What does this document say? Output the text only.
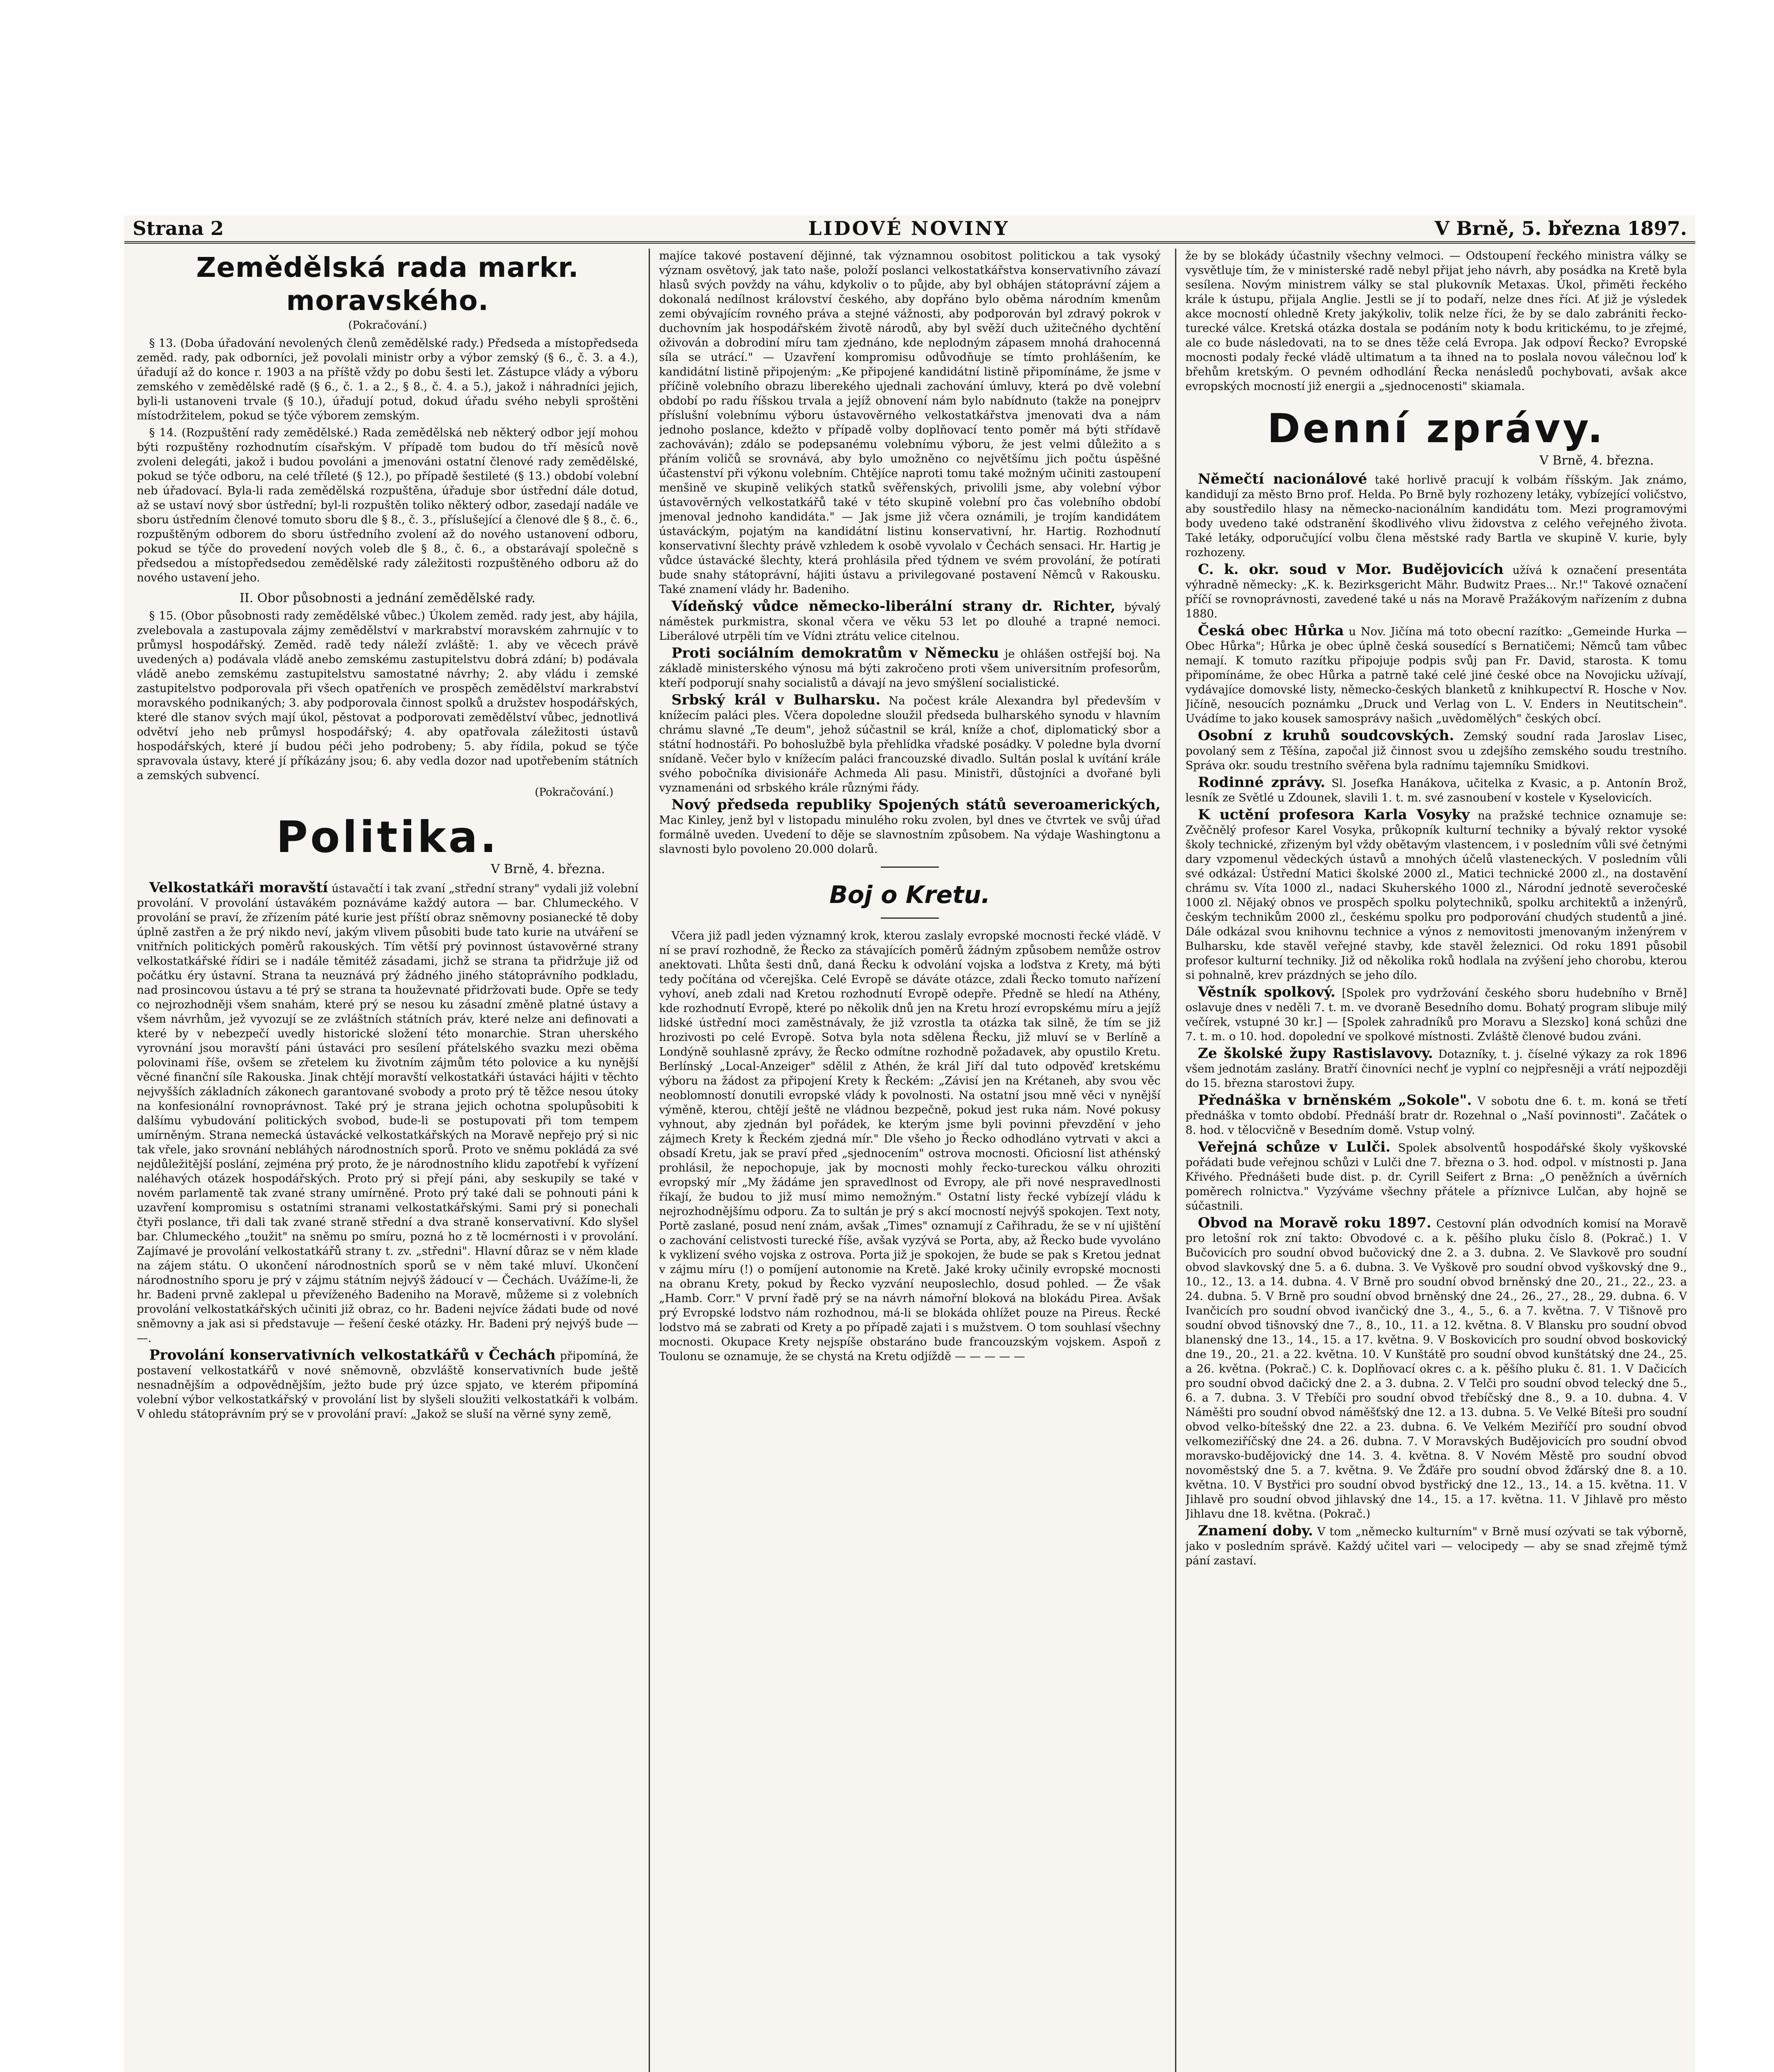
Strana 2	LIDOVÉ NOVINY	V Brně, 5. března 1897.
Zemědělská rada markr. moravského.
(Pokračování.)

§ 13. (Doba úřadování nevolených členů zemědělské rady.) Předseda a místopředseda zeměd. rady, pak odborníci, jež povolali ministr orby a výbor zemský (§ 6., č. 3. a 4.), úřadují až do konce r. 1903 a na příště vždy po dobu šesti let. Zástupce vlády a výboru zemského v zemědělské radě (§ 6., č. 1. a 2., § 8., č. 4. a 5.), jakož i náhradníci jejich, byli-li ustanoveni trvale (§ 10.), úřadují potud, dokud úřadu svého nebyli sproštěni místodržitelem, pokud se týče výborem zemským.

§ 14. (Rozpuštění rady zemědělské.) Rada zemědělská neb některý odbor její mohou býti rozpuštěny rozhodnutím císařským. V případě tom budou do tří měsíců nově zvoleni delegáti, jakož i budou povoláni a jmenováni ostatní členové rady zemědělské, pokud se týče odboru, na celé tříleté (§ 12.), po případě šestileté (§ 13.) období volební neb úřadovací. Byla-li rada zemědělská rozpuštěna, úřaduje sbor ústřední dále dotud, až se ustaví nový sbor ústřední; byl-li rozpuštěn toliko některý odbor, zasedají nadále ve sboru ústředním členové tomuto sboru dle § 8., č. 3., příslušející a členové dle § 8., č. 6., rozpuštěným odborem do sboru ústředního zvolení až do nového ustanovení odboru, pokud se týče do provedení nových voleb dle § 8., č. 6., a obstarávají společně s předsedou a místopředsedou zemědělské rady záležitosti rozpuštěného odboru až do nového ustavení jeho.

II. Obor působnosti a jednání zemědělské rady.

§ 15. (Obor působnosti rady zemědělské vůbec.) Úkolem zeměd. rady jest, aby hájila, zvelebovala a zastupovala zájmy zemědělství v markrabství moravském zahrnujíc v to průmysl hospodářský. Zeměd. radě tedy náleží zvláště: 1. aby ve věcech právě uvedených a) podávala vládě anebo zemskému zastupitelstvu dobrá zdání; b) podávala vládě anebo zemskému zastupitelstvu samostatné návrhy; 2. aby vládu i zemské zastupitelstvo podporovala při všech opatřeních ve prospěch zemědělství markrabství moravského podnikaných; 3. aby podporovala činnost spolků a družstev hospodářských, které dle stanov svých mají úkol, pěstovat a podporovati zemědělství vůbec, jednotlivá odvětví jeho neb průmysl hospodářský; 4. aby opatřovala záležitosti ústavů hospodářských, které jí budou péči jeho podrobeny; 5. aby řídila, pokud se týče spravovala ústavy, které jí příkázány jsou; 6. aby vedla dozor nad upotřebením státních a zemských subvencí.

(Pokračování.)
Politika.
V Brně, 4. března.

Velkostatkáři moravští ústavačtí i tak zvaní „střední strany" vydali již volební provolání. V provolání ústavákém poznáváme každý autora — bar. Chlumeckého. V provolání se praví, že zřízením páté kurie jest příští obraz sněmovny posianecké tě doby úplně zastřen a že prý nikdo neví, jakým vlivem působiti bude tato kurie na utváření se vnitřních politických poměrů rakouských. Tím větší prý povinnost ústavověrné strany velkostatkářské řídiri se i nadále těmitéž zásadami, jichž se strana ta přidržuje již od počátku éry ústavní. Strana ta neuznává prý žádného jiného státoprávního podkladu, nad prosincovou ústavu a té prý se strana ta houževnaté přidržovati bude. Opře se tedy co nejrozhodněji všem snahám, které prý se nesou ku zásadní změně platné ústavy a všem návrhům, jež vyvozují se ze zvláštních státních práv, které nelze ani definovati a které by v nebezpečí uvedly historické složení této monarchie. Stran uherského vyrovnání jsou moravští páni ústaváci pro sesílení přátelského svazku mezi oběma polovinami říše, ovšem se zřetelem ku životním zájmům této polovice a ku nynější věcné finanční síle Rakouska. Jinak chtějí moravští velkostatkáři ústaváci hájiti v těchto nejvyšších základních zákonech garantované svobody a proto prý tě těžce nesou útoky na konfesionální rovnoprávnost. Také prý je strana jejich ochotna spolupůsobiti k dalšímu vybudování politických svobod, bude-li se postupovati při tom tempem umírněným. Strana nemecká ústavácké velkostatkářských na Moravě nepřejo prý si nic tak vřele, jako srovnání nebláhých národnostních sporů. Proto ve sněmu pokládá za své nejdůležitější poslání, zejména prý proto, že je národnostního klidu zapotřebí k vyřízení naléhavých otázek hospodářských. Proto prý si přejí páni, aby seskupily se také v novém parlamentě tak zvané strany umírněné. Proto prý také dali se pohnouti páni k uzavření kompromisu s ostatními stranami velkostatkářskými. Sami prý si ponechali čtyři poslance, tři dali tak zvané straně střední a dva straně konservativní. Kdo slyšel bar. Chlumeckého „toužit" na sněmu po smíru, pozná ho z tě locmérnosti i v provolání. Zajímavé je provolání velkostatkářů strany t. zv. „středni". Hlavní důraz se v něm klade na zájem státu. O ukončení národnostních sporů se v něm také mluví. Ukončení národnostního sporu je prý v zájmu státním nejvýš žádoucí v — Čechách. Uvážíme-li, že hr. Badeni prvně zaklepal u převíženého Badeniho na Moravě, můžeme si z volebních provolání velkostatkářských učiniti již obraz, co hr. Badeni nejvíce žádati bude od nové sněmovny a jak asi si představuje — řešení české otázky. Hr. Badeni prý nejvýš bude — —.

Provolání konservativních velkostatkářů v Čechách připomíná, že postavení velkostatkářů v nové sněmovně, obzvláště konservativních bude ještě nesnadnějším a odpovědnějším, ježto bude prý úzce spjato, ve kterém připomíná volební výbor velkostatkářský v provolání list by slyšeli sloužiti velkostatkáři k volbám. V ohledu státoprávním prý se v provolání praví: „Jakož se sluší na věrné syny země,

majíce takové postavení dějinné, tak významnou osobitost politickou a tak vysoký význam osvětový, jak tato naše, položí poslanci velkostatkářstva konservativního závazí hlasů svých povždy na váhu, kdykoliv o to půjde, aby byl obhájen státoprávní zájem a dokonalá nedílnost království českého, aby dopřáno bylo oběma národním kmenům zemi obývajícím rovného práva a stejné vážnosti, aby podporován byl zdravý pokrok v duchovním jak hospodářském životě národů, aby byl svěží duch užitečného dychtění oživován a dobrodiní míru tam zjednáno, kde neplodným zápasem mnohá drahocenná síla se utrácí." — Uzavření kompromisu odůvodňuje se tímto prohlášením, ke kandidátní listině připojeným: „Ke připojené kandidátní listině připomínáme, že jsme v příčině volebního obrazu liberekého ujednali zachování úmluvy, která po dvě volební období po radu říšskou trvala a jejíž obnovení nám bylo nabídnuto (takže na ponejprv příslušní volebnímu výboru ústavověrného velkostatkářstva jmenovati dva a nám jednoho poslance, kdežto v případě volby doplňovací tento poměr má býti střídavě zachováván); zdálo se podepsanému volebnímu výboru, že jest velmi důležito a s přáním voličů se srovnává, aby bylo umožněno co největšímu jich počtu úspěšné účastenství při výkonu volebním. Chtějíce naproti tomu také možným učiniti zastoupení menšině ve skupině velikých statků svěřenských, privolili jsme, aby volební výbor ústavověrných velkostatkářů také v této skupině volební pro čas volebního období jmenoval jednoho kandidáta." — Jak jsme již včera oznámili, je trojím kandidátem ústaváckým, pojatým na kandidátní listinu konservativní, hr. Hartig. Rozhodnutí konservativní šlechty právě vzhledem k osobě vyvolalo v Čechách sensaci. Hr. Hartig je vůdce ústavácké šlechty, která prohlásila před týdnem ve svém provolání, že potírati bude snahy státoprávní, hájiti ústavu a privilegované postavení Němců v Rakousku. Také znamení vlády hr. Badeniho.

Vídeňský vůdce německo-liberální strany dr. Richter, bývalý náměstek purkmistra, skonal včera ve věku 53 let po dlouhé a trapné nemoci. Liberálové utrpěli tím ve Vídni ztrátu velice citelnou.

Proti sociálním demokratům v Německu je ohlášen ostřejší boj. Na základě ministerského výnosu má býti zakročeno proti všem universitním profesorům, kteří podporují snahy socialistů a dávají na jevo smýšlení socialistické.

Srbský král v Bulharsku. Na počest krále Alexandra byl především v knížecím paláci ples. Včera dopoledne sloužil předseda bulharského synodu v hlavním chrámu slavné „Te deum", jehož súčastnil se král, kníže a choť, diplomatický sbor a státní hodnostáři. Po bohoslužbě byla přehlídka vřadské posádky. V poledne byla dvorní snídaně. Večer bylo v knížecím paláci francouzské divadlo. Sultán poslal k uvítání krále svého pobočníka divisionáře Achmeda Ali pasu. Ministři, důstojníci a dvořané byli vyznamenáni od srbského krále různými řády.

Nový předseda republiky Spojených států severoamerických, Mac Kinley, jenž byl v listopadu minulého roku zvolen, byl dnes ve čtvrtek ve svůj úřad formálně uveden. Uvedení to děje se slavnostním způsobem. Na výdaje Washingtonu a slavnosti bylo povoleno 20.000 dolarů.

Boj o Kretu.

Včera již padl jeden významný krok, kterou zaslaly evropské mocnosti řecké vládě. V ní se praví rozhodně, že Řecko za stávajících poměrů žádným způsobem nemůže ostrov anektovati. Lhůta šesti dnů, daná Řecku k odvolání vojska a loďstva z Krety, má býti tedy počítána od včerejška. Celé Evropě se dáváte otázce, zdali Řecko tomuto nařízení vyhoví, aneb zdali nad Kretou rozhodnutí Evropě odepře. Předně se hledí na Athény, kde rozhodnutí Evropě, které po několik dnů jen na Kretu hrozí evropskému míru a jejíž lidské ústřední moci zaměstnávaly, že již vzrostla ta otázka tak silně, že tím se již hrozivosti po celé Evropě. Sotva byla nota sdělena Řecku, již mluví se v Berlíně a Londýně souhlasně zprávy, že Řecko odmítne rozhodně požadavek, aby opustilo Kretu. Berlínský „Local-Anzeiger" sdělil z Athén, že král Jiří dal tuto odpověď kretskému výboru na žádost za připojení Krety k Řeckém: „Závisí jen na Krétaneh, aby svou věc neoblomností donutili evropské vlády k povolnosti. Na ostatní jsou mně věci v nynější výměně, kterou, chtějí ještě ne vládnou bezpečně, pokud jest ruka nám. Nové pokusy vyhnout, aby zjednán byl pořádek, ke kterým jsme byli povinni převzdění v jeho zájmech Krety k Řeckém zjedná mír." Dle všeho jo Řecko odhodláno vytrvati v akci a obsadí Kretu, jak se praví před „sjednocením" ostrova mocnosti. Oficiosní list athénský prohlásil, že nepochopuje, jak by mocnosti mohly řecko-tureckou válku ohroziti evropský mír „My žádáme jen spravedlnost od Evropy, ale při nové nespravedlnosti říkají, že budou to již musí mimo nemožným." Ostatní listy řecké vybízejí vládu k nejrozhodnějšímu odporu. Za to sultán je prý s akcí mocností nejvýš spokojen. Text noty, Portě zaslané, posud není znám, avšak „Times" oznamují z Cařihradu, že se v ní ujištění o zachování celistvosti turecké říše, avšak vyzývá se Porta, aby, až Řecko bude vyvoláno k vyklizení svého vojska z ostrova. Porta již je spokojen, že bude se pak s Kretou jednat v zájmu míru (!) o pomíjení autonomie na Kretě. Jaké kroky učinily evropské mocnosti na obranu Krety, pokud by Řecko vyzvání neuposlechlo, dosud pohled. — Že však „Hamb. Corr." V první řadě prý se na návrh námořní bloková na blokádu Pirea. Avšak prý Evropské lodstvo nám rozhodnou, má-li se blokáda ohlížet pouze na Pireus. Řecké lodstvo má se zabrati od Krety a po případě zajati i s mužstvem. O tom souhlasí všechny mocnosti. Okupace Krety nejspíše obstaráno bude francouzským vojskem. Aspoň z Toulonu se oznamuje, že se chystá na Kretu odjíždě — — — — —

že by se blokády účastnily všechny velmoci. — Odstoupení řeckého ministra války se vysvětluje tím, že v ministerské radě nebyl přijat jeho návrh, aby posádka na Kretě byla sesílena. Novým ministrem války se stal plukovník Metaxas. Úkol, přiměti řeckého krále k ústupu, přijala Anglie. Jestli se jí to podaří, nelze dnes říci. Ať již je výsledek akce mocností ohledně Krety jakýkoliv, tolik nelze říci, že by se dalo zabrániti řecko-turecké válce. Kretská otázka dostala se podáním noty k bodu kritickému, to je zřejmé, ale co bude následovati, na to se dnes těže celá Evropa. Jak odpoví Řecko? Evropské mocnosti podaly řecké vládě ultimatum a ta ihned na to poslala novou válečnou loď k břehům kretským. O pevném odhodlání Řecka nenásledů pochybovati, avšak akce evropských mocností již energii a „sjednocenosti" skiamala.

Denní zprávy.
V Brně, 4. března.

Němečtí nacionálové také horlivě pracují k volbám říšským. Jak známo, kandidují za město Brno prof. Helda. Po Brně byly rozhozeny letáky, vybízející voličstvo, aby soustředilo hlasy na německo-nacionálním kandidátu tom. Mezi programovými body uvedeno také odstranění škodlivého vlivu židovstva z celého veřejného života. Také letáky, odporučující volbu člena městské rady Bartla ve skupině V. kurie, byly rozhozeny.

C. k. okr. soud v Mor. Budějovicích užívá k označení presentáta výhradně německy: „K. k. Bezirksgericht Mähr. Budwitz Praes... Nr.!" Takové označení příčí se rovnoprávnosti, zavedené také u nás na Moravě Pražákovým nařízením z dubna 1880.

Česká obec Hůrka u Nov. Jičína má toto obecní razítko: „Gemeinde Hurka — Obec Hůrka"; Hůrka je obec úplně česká sousedící s Bernatičemi; Němců tam vůbec nemají. K tomuto razítku připojuje podpis svůj pan Fr. David, starosta. K tomu připomínáme, že obec Hůrka a patrně také celé jiné české obce na Novojicku užívají, vydávajíce domovské listy, německo-českých blanketů z knihkupectví R. Hosche v Nov. Jičíně, nesoucích poznámku „Druck und Verlag von L. V. Enders in Neutitschein". Uvádíme to jako kousek samosprávy našich „uvědomělých" českých obcí.

Osobní z kruhů soudcovských. Zemský soudní rada Jaroslav Lisec, povolaný sem z Těšína, započal již činnost svou u zdejšího zemského soudu trestního. Správa okr. soudu trestního svěřena byla radnímu tajemníku Smidkovi.

Rodinné zprávy. Sl. Josefka Hanákova, učitelka z Kvasic, a p. Antonín Brož, lesník ze Světlé u Zdounek, slavili 1. t. m. své zasnoubení v kostele v Kyselovicích.

K uctění profesora Karla Vosyky na pražské technice oznamuje se: Zvěčnělý profesor Karel Vosyka, průkopník kulturní techniky a bývalý rektor vysoké školy technické, zřizeným byl vždy obětavým vlastencem, i v posledním vůli své četnými dary vzpomenul vědeckých ústavů a mnohých účelů vlasteneckých. V posledním vůli své odkázal: Ústřední Matici školské 2000 zl., Matici technické 2000 zl., na dostavění chrámu sv. Víta 1000 zl., nadaci Skuherského 1000 zl., Národní jednotě severočeské 1000 zl. Nějaký obnos ve prospěch spolku polytechniků, spolku architektů a inženýrů, českým technikům 2000 zl., českému spolku pro podporování chudých studentů a jiné. Dále odkázal svou knihovnu technice a výnos z nemovitosti jmenovaným inženýrem v Bulharsku, kde stavěl veřejné stavby, kde stavěl železnici. Od roku 1891 působil profesor kulturní techniky. Již od několika roků hodlala na zvýšení jeho chorobu, kterou si pohnalně, krev prázdných se jeho dílo.

Věstník spolkový. [Spolek pro vydržování českého sboru hudebního v Brně] oslavuje dnes v neděli 7. t. m. ve dvoraně Besedního domu. Bohatý program slibuje milý večírek, vstupné 30 kr.] — [Spolek zahradníků pro Moravu a Slezsko] koná schůzi dne 7. t. m. o 10. hod. dopolední ve spolkové místnosti. Zvláště členové budou zváni.

Ze školské župy Rastislavovy. Dotazníky, t. j. číselné výkazy za rok 1896 všem jednotám zaslány. Bratří činovníci nechť je vyplní co nejpřesněji a vrátí nejpozději do 15. března starostovi župy.

Přednáška v brněnském „Sokole". V sobotu dne 6. t. m. koná se třetí přednáška v tomto období. Přednáší bratr dr. Rozehnal o „Naší povinnosti". Začátek o 8. hod. v tělocvičně v Besedním domě. Vstup volný.

Veřejná schůze v Lulči. Spolek absolventů hospodářské školy vyškovské pořádati bude veřejnou schůzi v Lulči dne 7. března o 3. hod. odpol. v místnosti p. Jana Křivého. Přednášeti bude dist. p. dr. Cyrill Seifert z Brna: „O peněžních a úvěrních poměrech rolnictva." Vyzýváme všechny přátele a příznivce Lulčan, aby hojně se súčastnili.

Obvod na Moravě roku 1897. Cestovní plán odvodních komisí na Moravě pro letošní rok zní takto: Obvodové c. a k. pěšího pluku číslo 8. (Pokrač.) 1. V Bučovicích pro soudní obvod bučovický dne 2. a 3. dubna. 2. Ve Slavkově pro soudní obvod slavkovský dne 5. a 6. dubna. 3. Ve Vyškově pro soudní obvod vyškovský dne 9., 10., 12., 13. a 14. dubna. 4. V Brně pro soudní obvod brněnský dne 20., 21., 22., 23. a 24. dubna. 5. V Brně pro soudní obvod brněnský dne 24., 26., 27., 28., 29. dubna. 6. V Ivančicích pro soudní obvod ivančický dne 3., 4., 5., 6. a 7. května. 7. V Tišnově pro soudní obvod tišnovský dne 7., 8., 10., 11. a 12. května. 8. V Blansku pro soudní obvod blanenský dne 13., 14., 15. a 17. května. 9. V Boskovicích pro soudní obvod boskovický dne 19., 20., 21. a 22. května. 10. V Kunštátě pro soudní obvod kunštátský dne 24., 25. a 26. května. (Pokrač.) C. k. Doplňovací okres c. a k. pěšího pluku č. 81. 1. V Dačicích pro soudní obvod dačický dne 2. a 3. dubna. 2. V Telči pro soudní obvod telecký dne 5., 6. a 7. dubna. 3. V Třebíči pro soudní obvod třebíčský dne 8., 9. a 10. dubna. 4. V Náměšti pro soudní obvod náměšťský dne 12. a 13. dubna. 5. Ve Velké Bíteši pro soudní obvod velko-bítešský dne 22. a 23. dubna. 6. Ve Velkém Meziříčí pro soudní obvod velkomeziříčský dne 24. a 26. dubna. 7. V Moravských Budějovicích pro soudní obvod moravsko-budějovický dne 14. 3. 4. května. 8. V Novém Městě pro soudní obvod novoměstský dne 5. a 7. května. 9. Ve Žďáře pro soudní obvod žďárský dne 8. a 10. května. 10. V Bystřici pro soudní obvod bystřický dne 12., 13., 14. a 15. května. 11. V Jihlavě pro soudní obvod jihlavský dne 14., 15. a 17. května. 11. V Jihlavě pro město Jihlavu dne 18. května. (Pokrač.)

Znamení doby. V tom „německo kulturním" v Brně musí ozývati se tak výborně, jako v posledním správě. Každý učitel vari — velocipedy — aby se snad zřejmě týmž pání zastaví.
